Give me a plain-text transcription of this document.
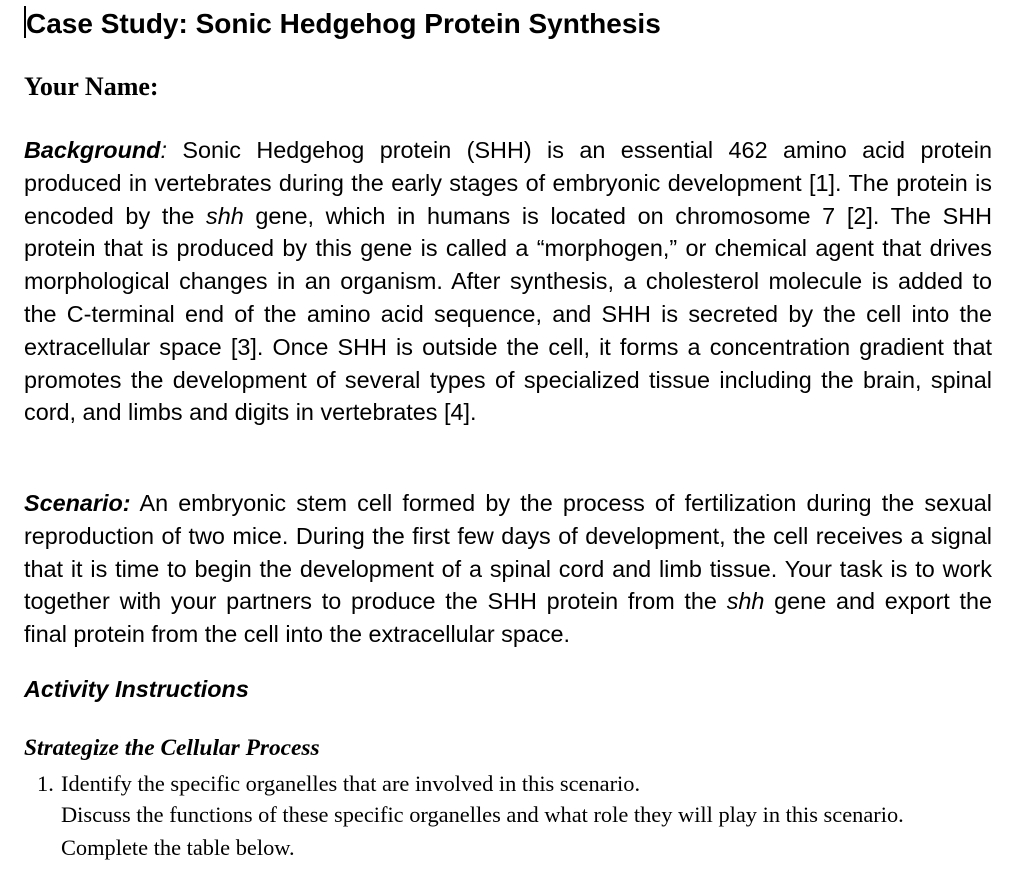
Case Study: Sonic Hedgehog Protein Synthesis

Your Name:

Background: Sonic Hedgehog protein (SHH) is an essential 462 amino acid protein produced in vertebrates during the early stages of embryonic development [1]. The protein is encoded by the shh gene, which in humans is located on chromosome 7 [2]. The SHH protein that is produced by this gene is called a “morphogen,” or chemical agent that drives morphological changes in an organism. After synthesis, a cholesterol molecule is added to the C-terminal end of the amino acid sequence, and SHH is secreted by the cell into the extracellular space [3]. Once SHH is outside the cell, it forms a concentration gradient that promotes the development of several types of specialized tissue including the brain, spinal cord, and limbs and digits in vertebrates [4].

Scenario: An embryonic stem cell formed by the process of fertilization during the sexual reproduction of two mice. During the first few days of development, the cell receives a signal that it is time to begin the development of a spinal cord and limb tissue. Your task is to work together with your partners to produce the SHH protein from the shh gene and export the final protein from the cell into the extracellular space.

Activity Instructions
Strategize the Cellular Process
1. Identify the specific organelles that are involved in this scenario.

Discuss the functions of these specific organelles and what role they will play in this scenario. Complete the table below.
